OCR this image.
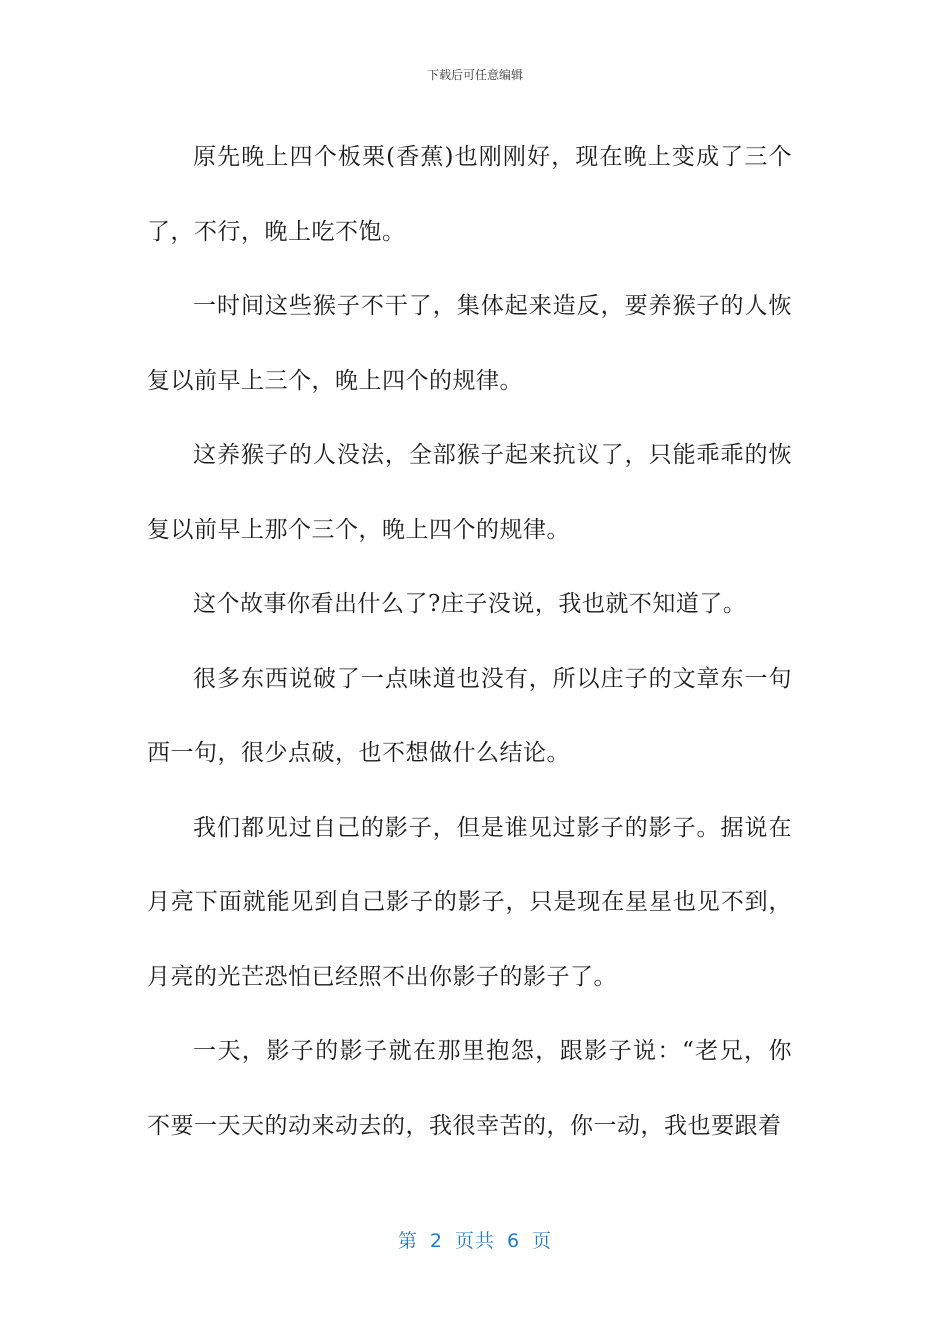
下载后可任意编辑

原先晚上四个板栗(香蕉)也刚刚好，现在晚上变成了三个了，不行，晚上吃不饱。

一时间这些猴子不干了，集体起来造反，要养猴子的人恢复以前早上三个，晚上四个的规律。

这养猴子的人没法，全部猴子起来抗议了，只能乖乖的恢复以前早上那个三个，晚上四个的规律。

这个故事你看出什么了?庄子没说，我也就不知道了。

很多东西说破了一点味道也没有，所以庄子的文章东一句西一句，很少点破，也不想做什么结论。

我们都见过自己的影子，但是谁见过影子的影子。据说在月亮下面就能见到自己影子的影子，只是现在星星也见不到，月亮的光芒恐怕已经照不出你影子的影子了。

一天，影子的影子就在那里抱怨，跟影子说：“老兄，你不要一天天的动来动去的，我很幸苦的，你一动，我也要跟着

第 2 页共 6 页
